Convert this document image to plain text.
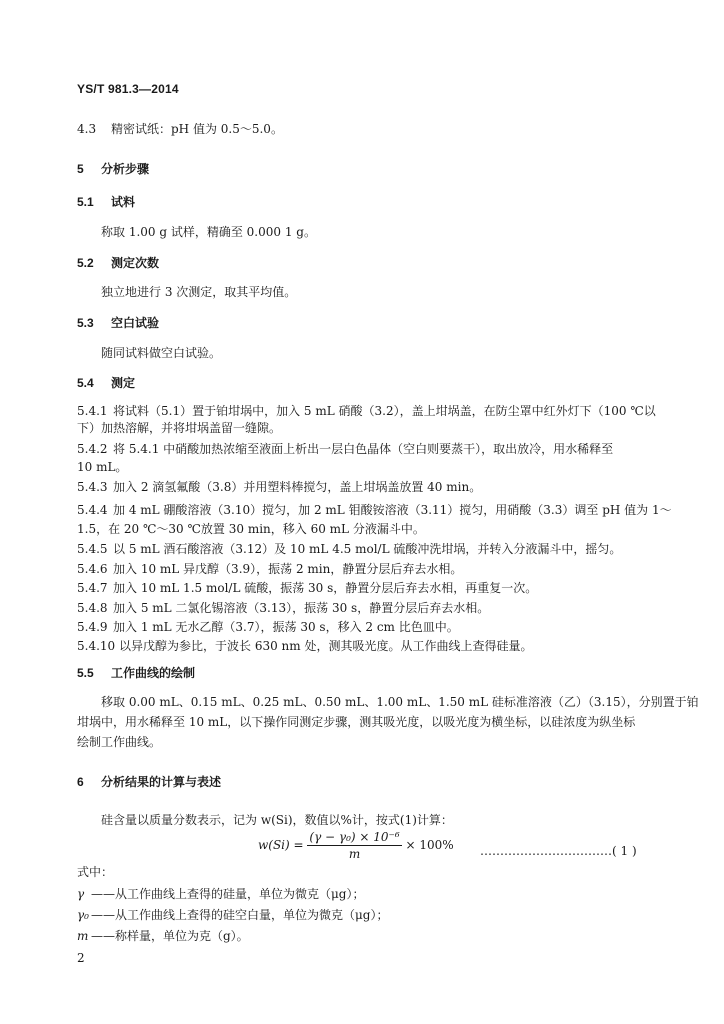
YS/T 981.3—2014
4.3 精密试纸：pH 值为 0.5～5.0。
5 分析步骤
5.1 试料
称取 1.00 g 试样，精确至 0.000 1 g。
5.2 测定次数
独立地进行 3 次测定，取其平均值。
5.3 空白试验
随同试料做空白试验。
5.4 测定
5.4.1 将试料（5.1）置于铂坩埚中，加入 5 mL 硝酸（3.2），盖上坩埚盖，在防尘罩中红外灯下（100 ℃以
下）加热溶解，并将坩埚盖留一缝隙。
5.4.2 将 5.4.1 中硝酸加热浓缩至液面上析出一层白色晶体（空白则要蒸干），取出放冷，用水稀释至
10 mL。
5.4.3 加入 2 滴氢氟酸（3.8）并用塑料棒搅匀，盖上坩埚盖放置 40 min。
5.4.4 加 4 mL 硼酸溶液（3.10）搅匀，加 2 mL 钼酸铵溶液（3.11）搅匀，用硝酸（3.3）调至 pH 值为 1～
1.5，在 20 ℃～30 ℃放置 30 min，移入 60 mL 分液漏斗中。
5.4.5 以 5 mL 酒石酸溶液（3.12）及 10 mL 4.5 mol/L 硫酸冲洗坩埚，并转入分液漏斗中，摇匀。
5.4.6 加入 10 mL 异戊醇（3.9），振荡 2 min，静置分层后弃去水相。
5.4.7 加入 10 mL 1.5 mol/L 硫酸，振荡 30 s，静置分层后弃去水相，再重复一次。
5.4.8 加入 5 mL 二氯化锡溶液（3.13），振荡 30 s，静置分层后弃去水相。
5.4.9 加入 1 mL 无水乙醇（3.7），振荡 30 s，移入 2 cm 比色皿中。
5.4.10 以异戊醇为参比，于波长 630 nm 处，测其吸光度。从工作曲线上查得硅量。
5.5 工作曲线的绘制
移取 0.00 mL、0.15 mL、0.25 mL、0.50 mL、1.00 mL、1.50 mL 硅标准溶液（乙）（3.15），分别置于铂
坩埚中，用水稀释至 10 mL，以下操作同测定步骤，测其吸光度，以吸光度为横坐标，以硅浓度为纵坐标
绘制工作曲线。
6 分析结果的计算与表述
硅含量以质量分数表示，记为 w(Si)，数值以%计，按式(1)计算：
$w(Si) = \frac{\text{(γ − γ₀) × 10⁻⁶}}{m} \times 100\%$ ……………………………( 1 )
式中：
γ ——从工作曲线上查得的硅量，单位为微克（μg）；
γ₀ ——从工作曲线上查得的硅空白量，单位为微克（μg）；
m ——称样量，单位为克（g）。
2
